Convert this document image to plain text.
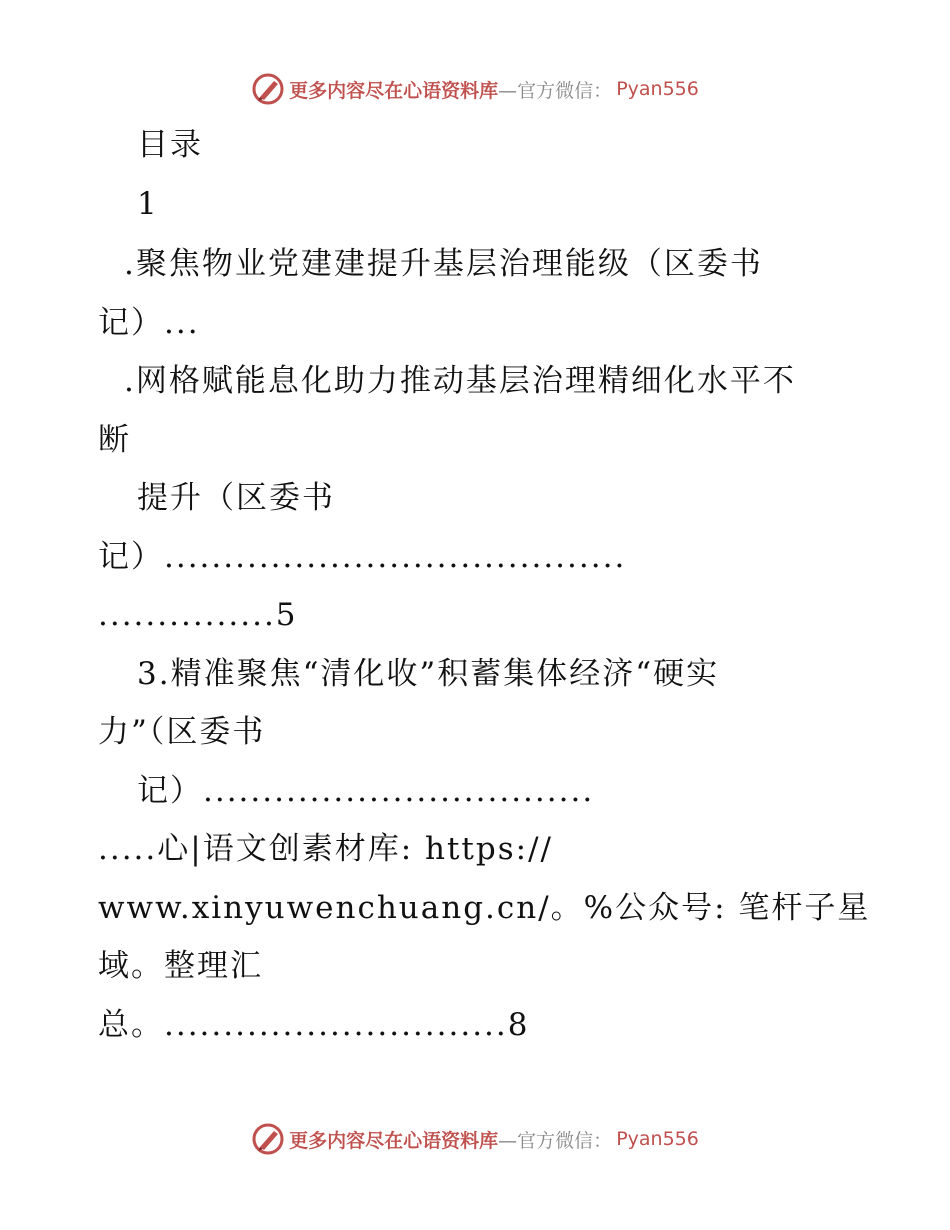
更多内容尽在心语资料库 —官方微信： Pyan556
目录
1
.聚焦物业党建建提升基层治理能级（区委书
记）...
.网格赋能息化助力推动基层治理精细化水平不
断
提升（区委书
记）.......................................
...............5
3.精准聚焦“清化收”积蓄集体经济“硬实
力”（区委书
记）.................................
.....心|语文创素材库: https://
www.xinyuwenchuang.cn/。%公众号: 笔杆子星
域。整理汇
总。.............................8
更多内容尽在心语资料库 —官方微信： Pyan556
